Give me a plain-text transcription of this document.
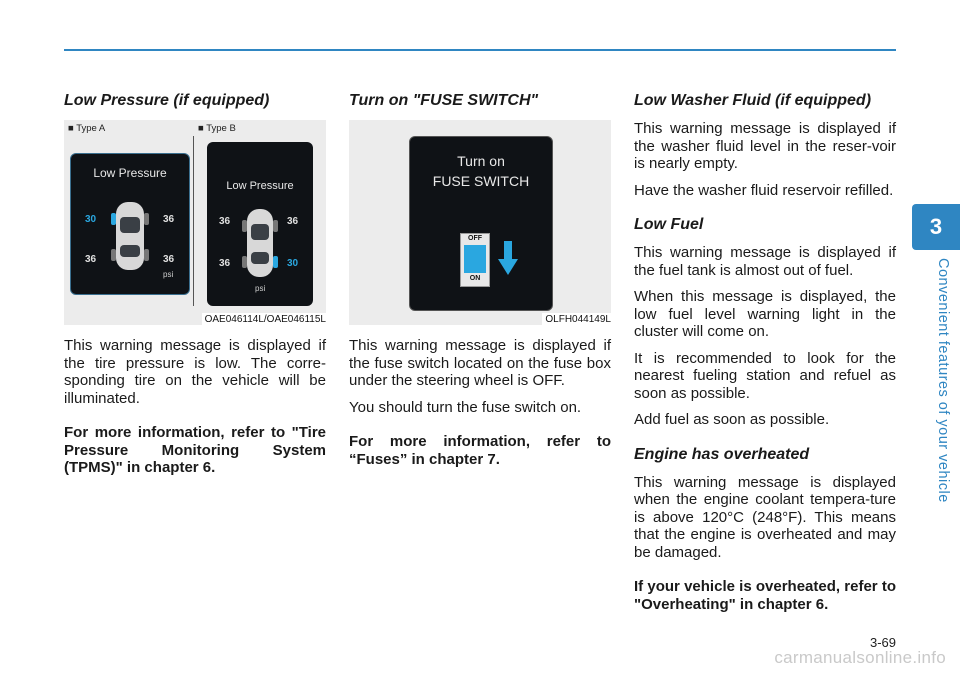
Low Pressure (if equipped)
■ Type A	■ Type B
Low Pressure
30	36
36	36
psi
Low Pressure
36	36
36	30
psi
OAE046114L/OAE046115L

This warning message is displayed if the tire pressure is low. The corre-sponding tire on the vehicle will be illuminated.

For more information, refer to "Tire Pressure Monitoring System (TPMS)" in chapter 6.

Turn on "FUSE SWITCH"
Turn on
FUSE SWITCH
OFF
ON
OLFH044149L

This warning message is displayed if the fuse switch located on the fuse box under the steering wheel is OFF.

You should turn the fuse switch on.

For more information, refer to “Fuses” in chapter 7.

Low Washer Fluid (if equipped)

This warning message is displayed if the washer fluid level in the reser-voir is nearly empty.

Have the washer fluid reservoir refilled.

Low Fuel

This warning message is displayed if the fuel tank is almost out of fuel.

When this message is displayed, the low fuel level warning light in the cluster will come on.

It is recommended to look for the nearest fueling station and refuel as soon as possible.

Add fuel as soon as possible.

Engine has overheated

This warning message is displayed when the engine coolant tempera-ture is above 120°C (248°F). This means that the engine is overheated and may be damaged.

If your vehicle is overheated, refer to "Overheating" in chapter 6.

3
Convenient features of your vehicle
3-69
carmanualsonline.info
